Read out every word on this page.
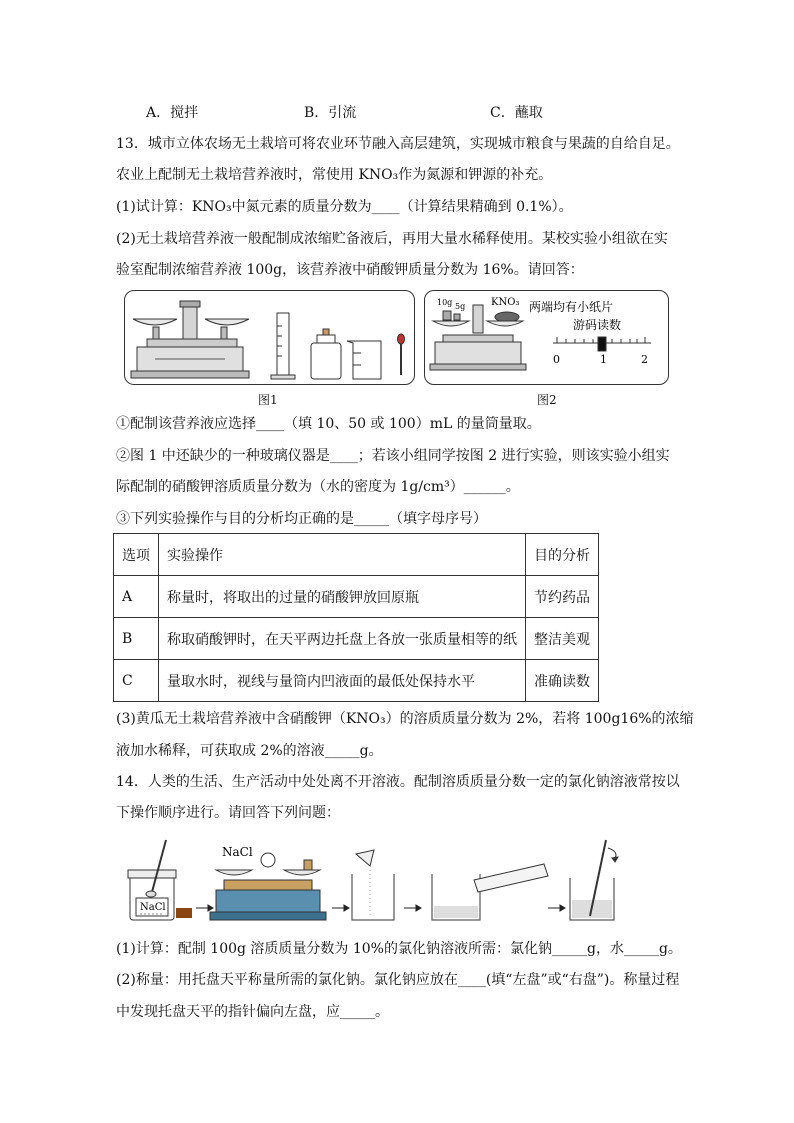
A．搅拌	B．引流	C．蘸取
13．城市立体农场无土栽培可将农业环节融入高层建筑，实现城市粮食与果蔬的自给自足。
农业上配制无土栽培营养液时，常使用 KNO₃作为氮源和钾源的补充。
(1)试计算：KNO₃中氮元素的质量分数为____（计算结果精确到 0.1%）。
(2)无土栽培营养液一般配制成浓缩贮备液后，再用大量水稀释使用。某校实验小组欲在实
验室配制浓缩营养液 100g，该营养液中硝酸钾质量分数为 16%。请回答：
图1
10g 5g	KNO₃ 两端均有小纸片
游码读数
0	1	2
图2
①配制该营养液应选择____（填 10、50 或 100）mL 的量筒量取。
②图 1 中还缺少的一种玻璃仪器是____；若该小组同学按图 2 进行实验，则该实验小组实
际配制的硝酸钾溶质质量分数为（水的密度为 1g/cm³）______。
③下列实验操作与目的分析均正确的是_____（填字母序号）
选项	实验操作	目的分析
A	称量时，将取出的过量的硝酸钾放回原瓶	节约药品
B	称取硝酸钾时，在天平两边托盘上各放一张质量相等的纸	整洁美观
C	量取水时，视线与量筒内凹液面的最低处保持水平	准确读数
(3)黄瓜无土栽培营养液中含硝酸钾（KNO₃）的溶质质量分数为 2%，若将 100g16%的浓缩
液加水稀释，可获取成 2%的溶液_____g。
14．人类的生活、生产活动中处处离不开溶液。配制溶质质量分数一定的氯化钠溶液常按以
下操作顺序进行。请回答下列问题：
NaCl
NaCl
(1)计算：配制 100g 溶质质量分数为 10%的氯化钠溶液所需：氯化钠_____g，水_____g。
(2)称量：用托盘天平称量所需的氯化钠。氯化钠应放在____(填“左盘”或“右盘”)。称量过程
中发现托盘天平的指针偏向左盘，应_____。
